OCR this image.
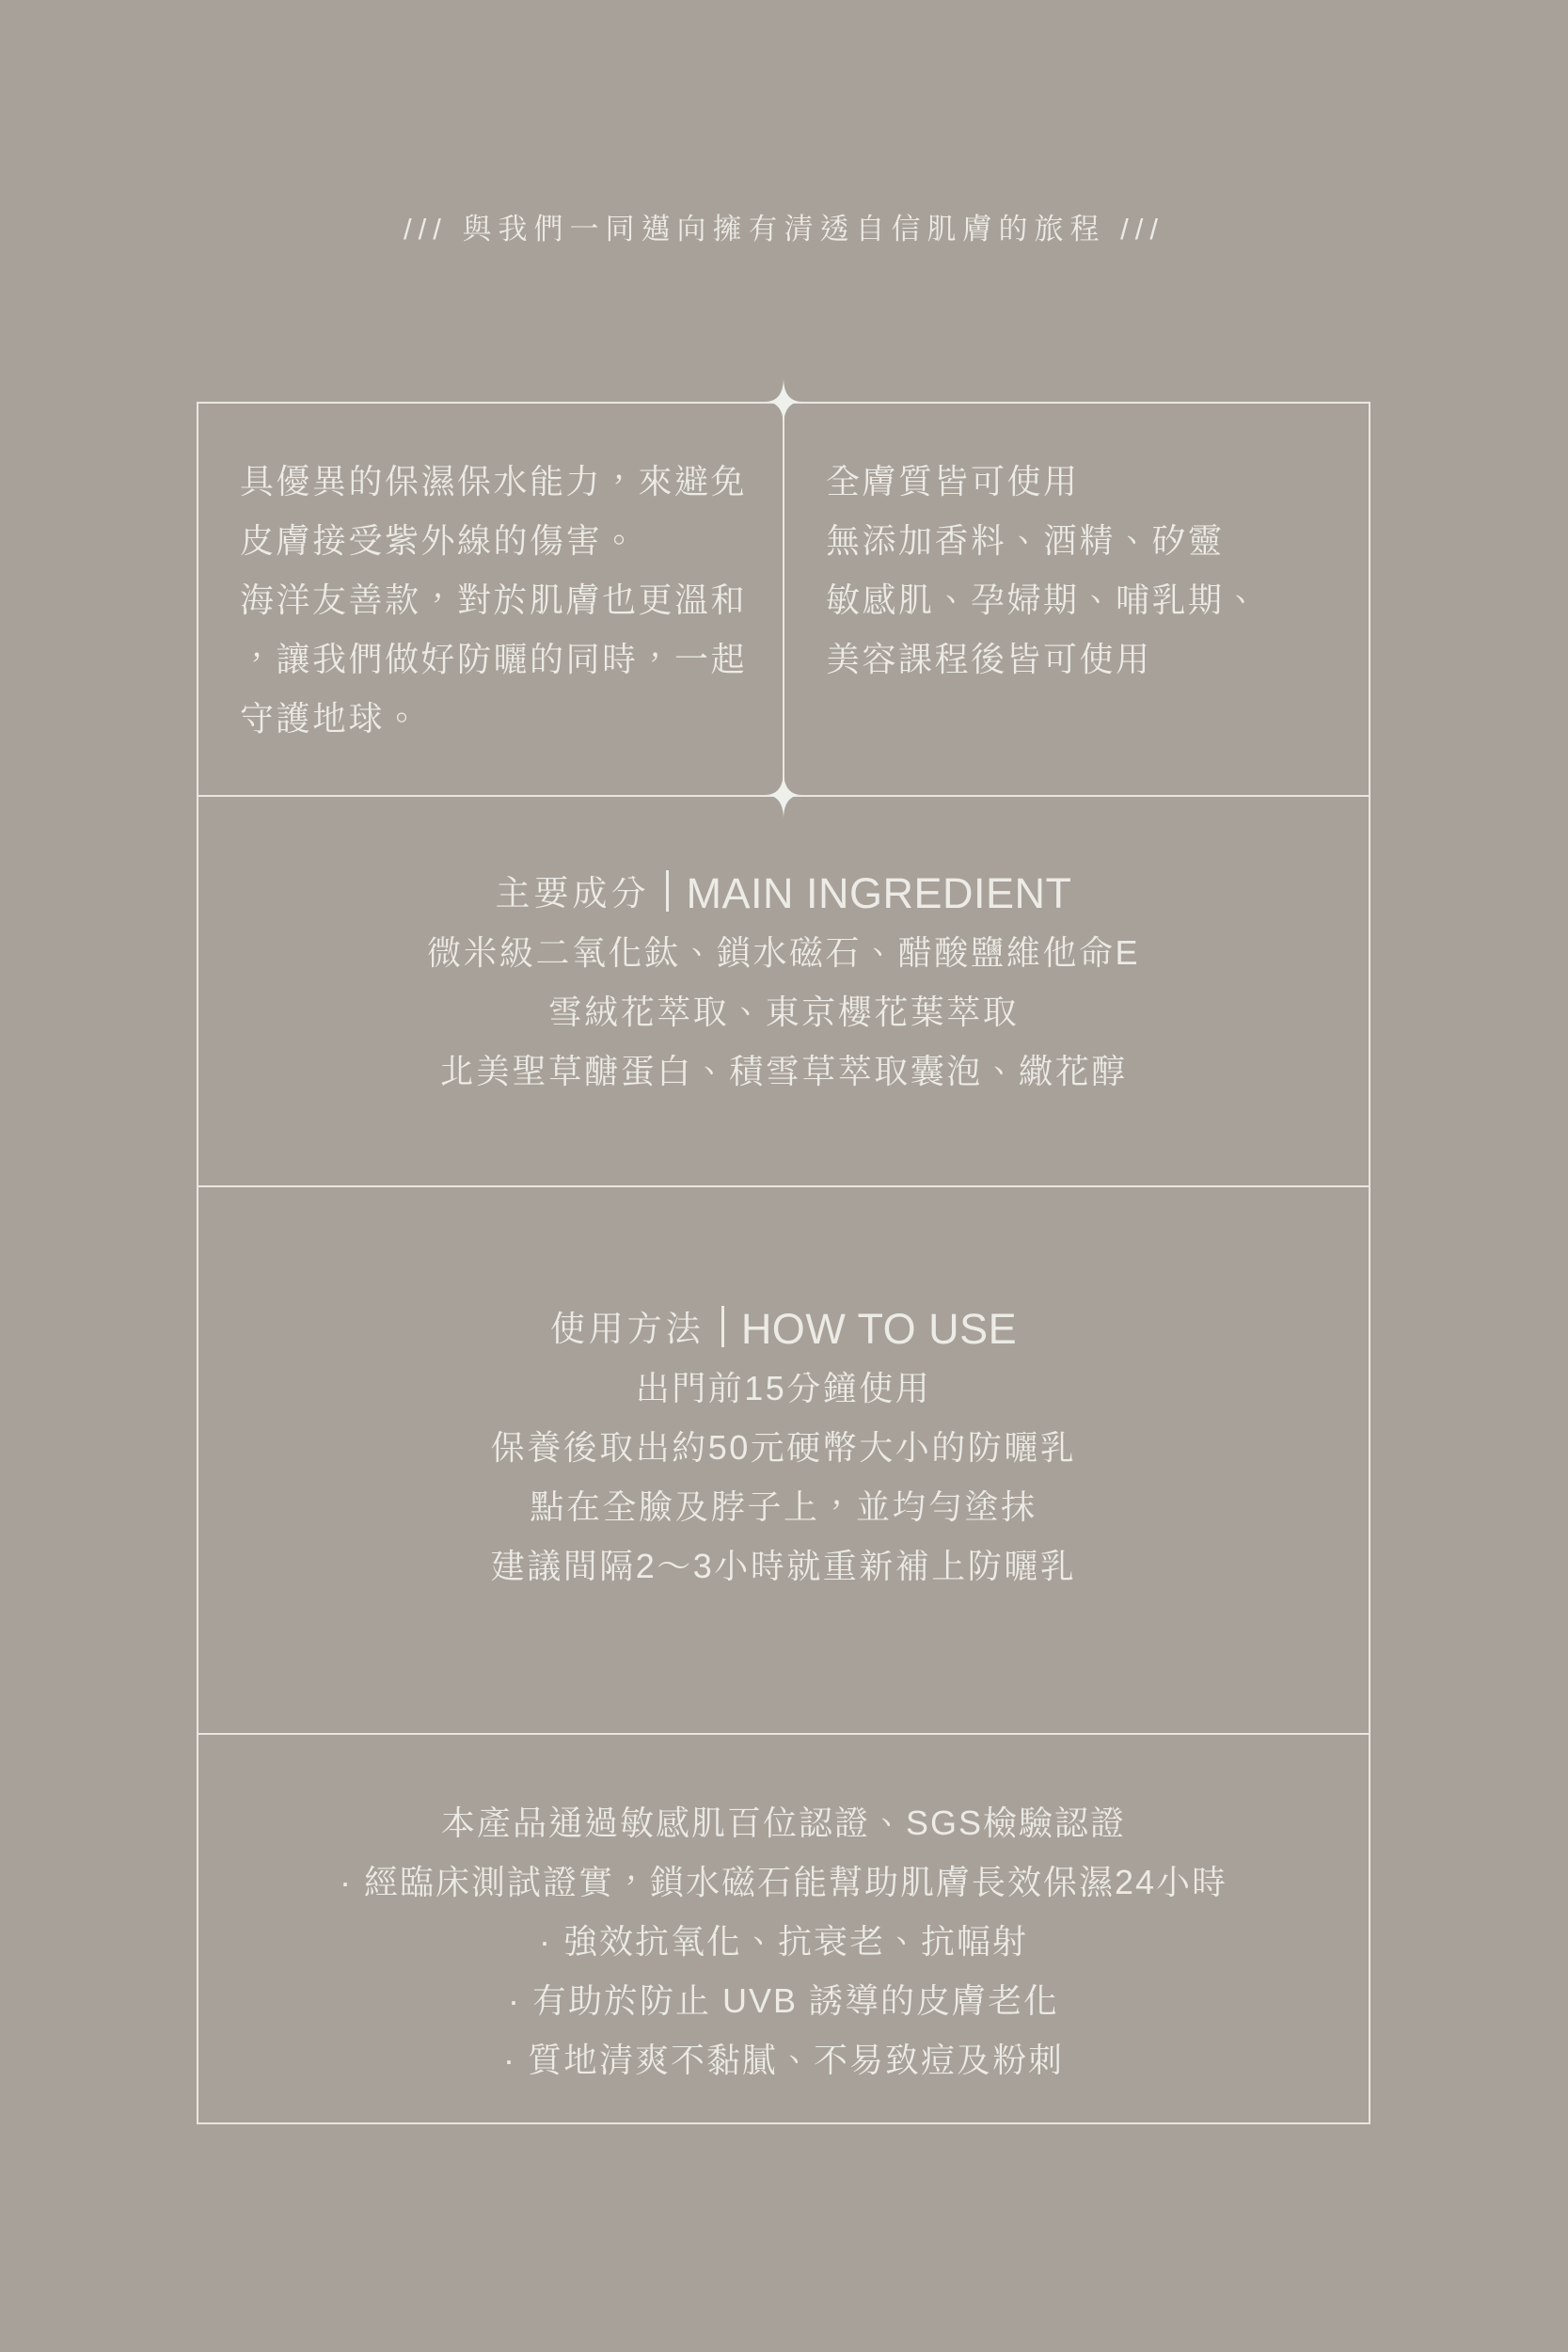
/// 與我們一同邁向擁有清透自信肌膚的旅程 ///
具優異的保濕保水能力，來避免
皮膚接受紫外線的傷害。
海洋友善款，對於肌膚也更溫和
，讓我們做好防曬的同時，一起
守護地球。
全膚質皆可使用
無添加香料、酒精、矽靈
敏感肌、孕婦期、哺乳期、
美容課程後皆可使用
主要成分 MAIN INGREDIENT
微米級二氧化鈦、鎖水磁石、醋酸鹽維他命E
雪絨花萃取、東京櫻花葉萃取
北美聖草醣蛋白、積雪草萃取囊泡、繖花醇
使用方法 HOW TO USE
出門前15分鐘使用
保養後取出約50元硬幣大小的防曬乳
點在全臉及脖子上，並均勻塗抹
建議間隔2～3小時就重新補上防曬乳
本產品通過敏感肌百位認證、SGS檢驗認證
· 經臨床測試證實，鎖水磁石能幫助肌膚長效保濕24小時
· 強效抗氧化、抗衰老、抗幅射
· 有助於防止 UVB 誘導的皮膚老化
· 質地清爽不黏膩、不易致痘及粉刺
